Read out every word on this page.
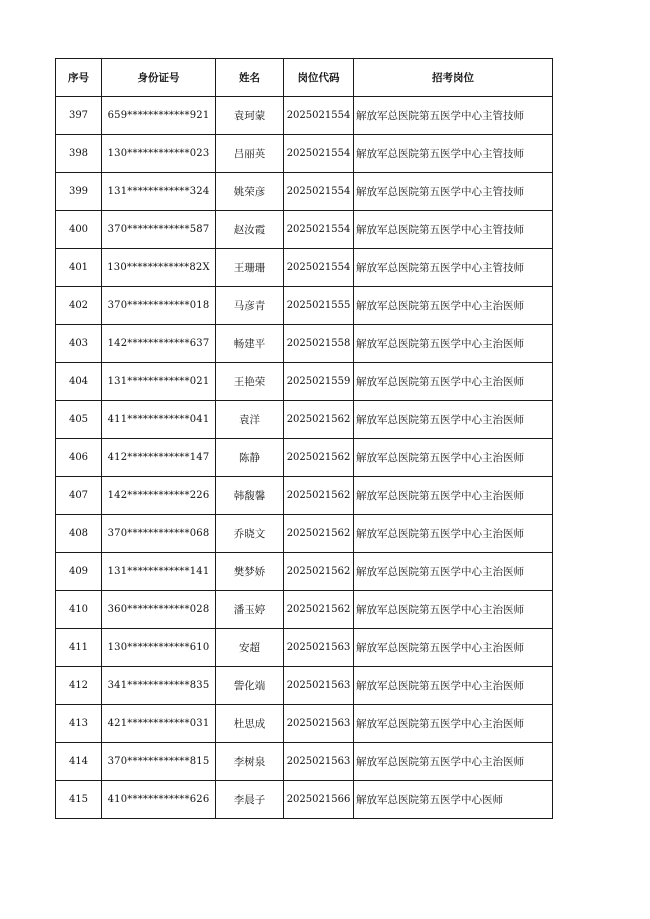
序号	身份证号	姓名	岗位代码	招考岗位
397	659************921	袁珂蒙	2025021554	解放军总医院第五医学中心主管技师
398	130************023	吕丽英	2025021554	解放军总医院第五医学中心主管技师
399	131************324	姚荣彦	2025021554	解放军总医院第五医学中心主管技师
400	370************587	赵汝霞	2025021554	解放军总医院第五医学中心主管技师
401	130************82X	王珊珊	2025021554	解放军总医院第五医学中心主管技师
402	370************018	马彦青	2025021555	解放军总医院第五医学中心主治医师
403	142************637	畅建平	2025021558	解放军总医院第五医学中心主治医师
404	131************021	王艳荣	2025021559	解放军总医院第五医学中心主治医师
405	411************041	袁洋	2025021562	解放军总医院第五医学中心主治医师
406	412************147	陈静	2025021562	解放军总医院第五医学中心主治医师
407	142************226	韩馥馨	2025021562	解放军总医院第五医学中心主治医师
408	370************068	乔晓文	2025021562	解放军总医院第五医学中心主治医师
409	131************141	樊梦娇	2025021562	解放军总医院第五医学中心主治医师
410	360************028	潘玉婷	2025021562	解放军总医院第五医学中心主治医师
411	130************610	安超	2025021563	解放军总医院第五医学中心主治医师
412	341************835	訾化端	2025021563	解放军总医院第五医学中心主治医师
413	421************031	杜思成	2025021563	解放军总医院第五医学中心主治医师
414	370************815	李树泉	2025021563	解放军总医院第五医学中心主治医师
415	410************626	李晨子	2025021566	解放军总医院第五医学中心医师
